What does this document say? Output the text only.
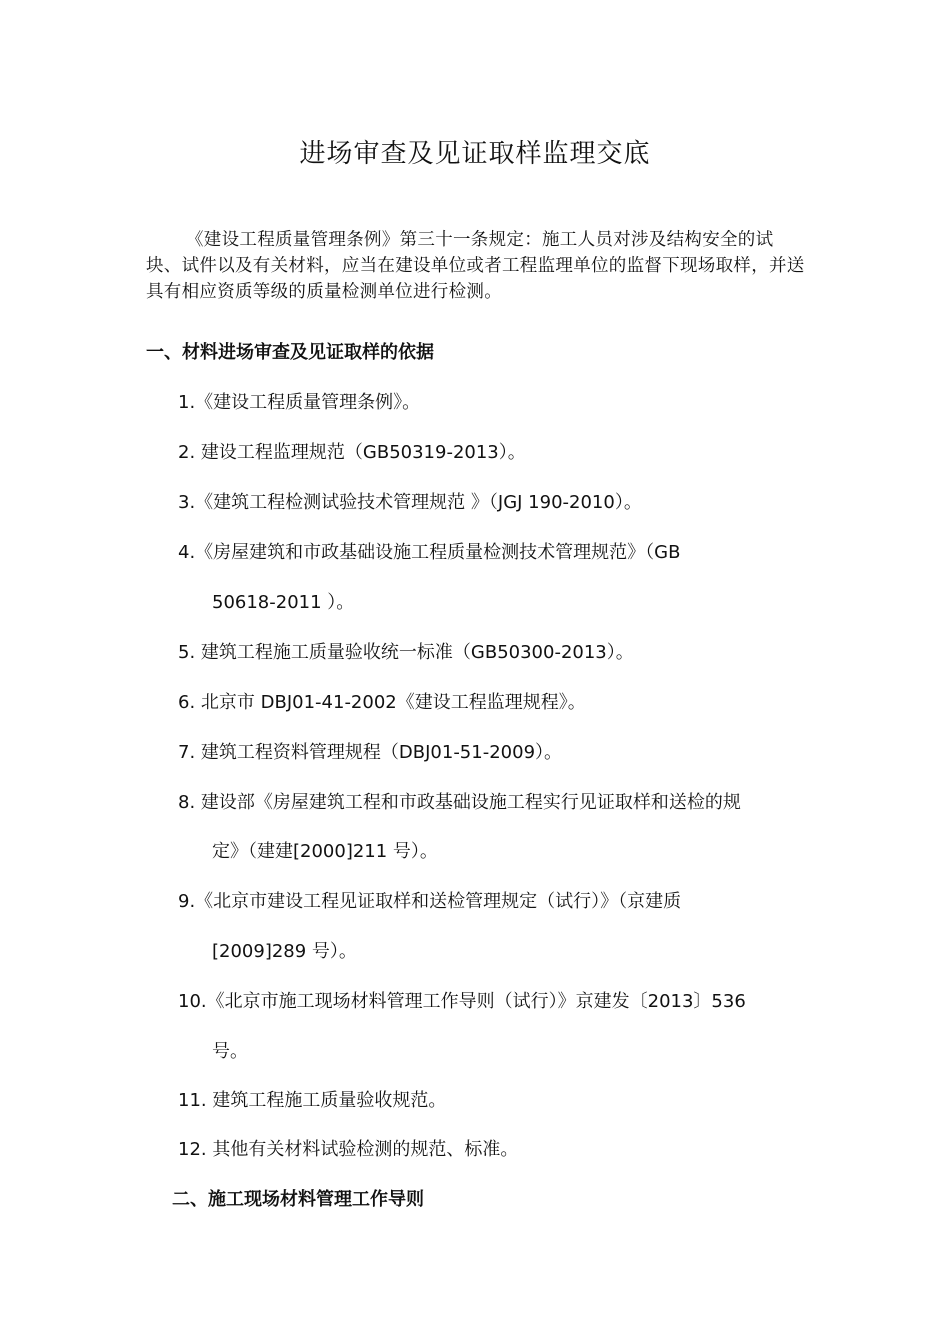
进场审查及见证取样监理交底

《建设工程质量管理条例》第三十一条规定：施工人员对涉及结构安全的试块、试件以及有关材料，应当在建设单位或者工程监理单位的监督下现场取样，并送具有相应资质等级的质量检测单位进行检测。

一、材料进场审查及见证取样的依据
1.《建设工程质量管理条例》。
2. 建设工程监理规范（GB50319-2013）。
3.《建筑工程检测试验技术管理规范 》（JGJ 190-2010）。
4.《房屋建筑和市政基础设施工程质量检测技术管理规范》（GB
50618-2011 ）。
5. 建筑工程施工质量验收统一标准（GB50300-2013）。
6. 北京市 DBJ01-41-2002《建设工程监理规程》。
7. 建筑工程资料管理规程（DBJ01-51-2009）。
8. 建设部《房屋建筑工程和市政基础设施工程实行见证取样和送检的规
定》（建建[2000]211 号）。
9.《北京市建设工程见证取样和送检管理规定（试行）》（京建质
[2009]289 号）。
10.《北京市施工现场材料管理工作导则（试行）》京建发〔2013〕536
号。
11. 建筑工程施工质量验收规范。
12. 其他有关材料试验检测的规范、标准。
二、施工现场材料管理工作导则
